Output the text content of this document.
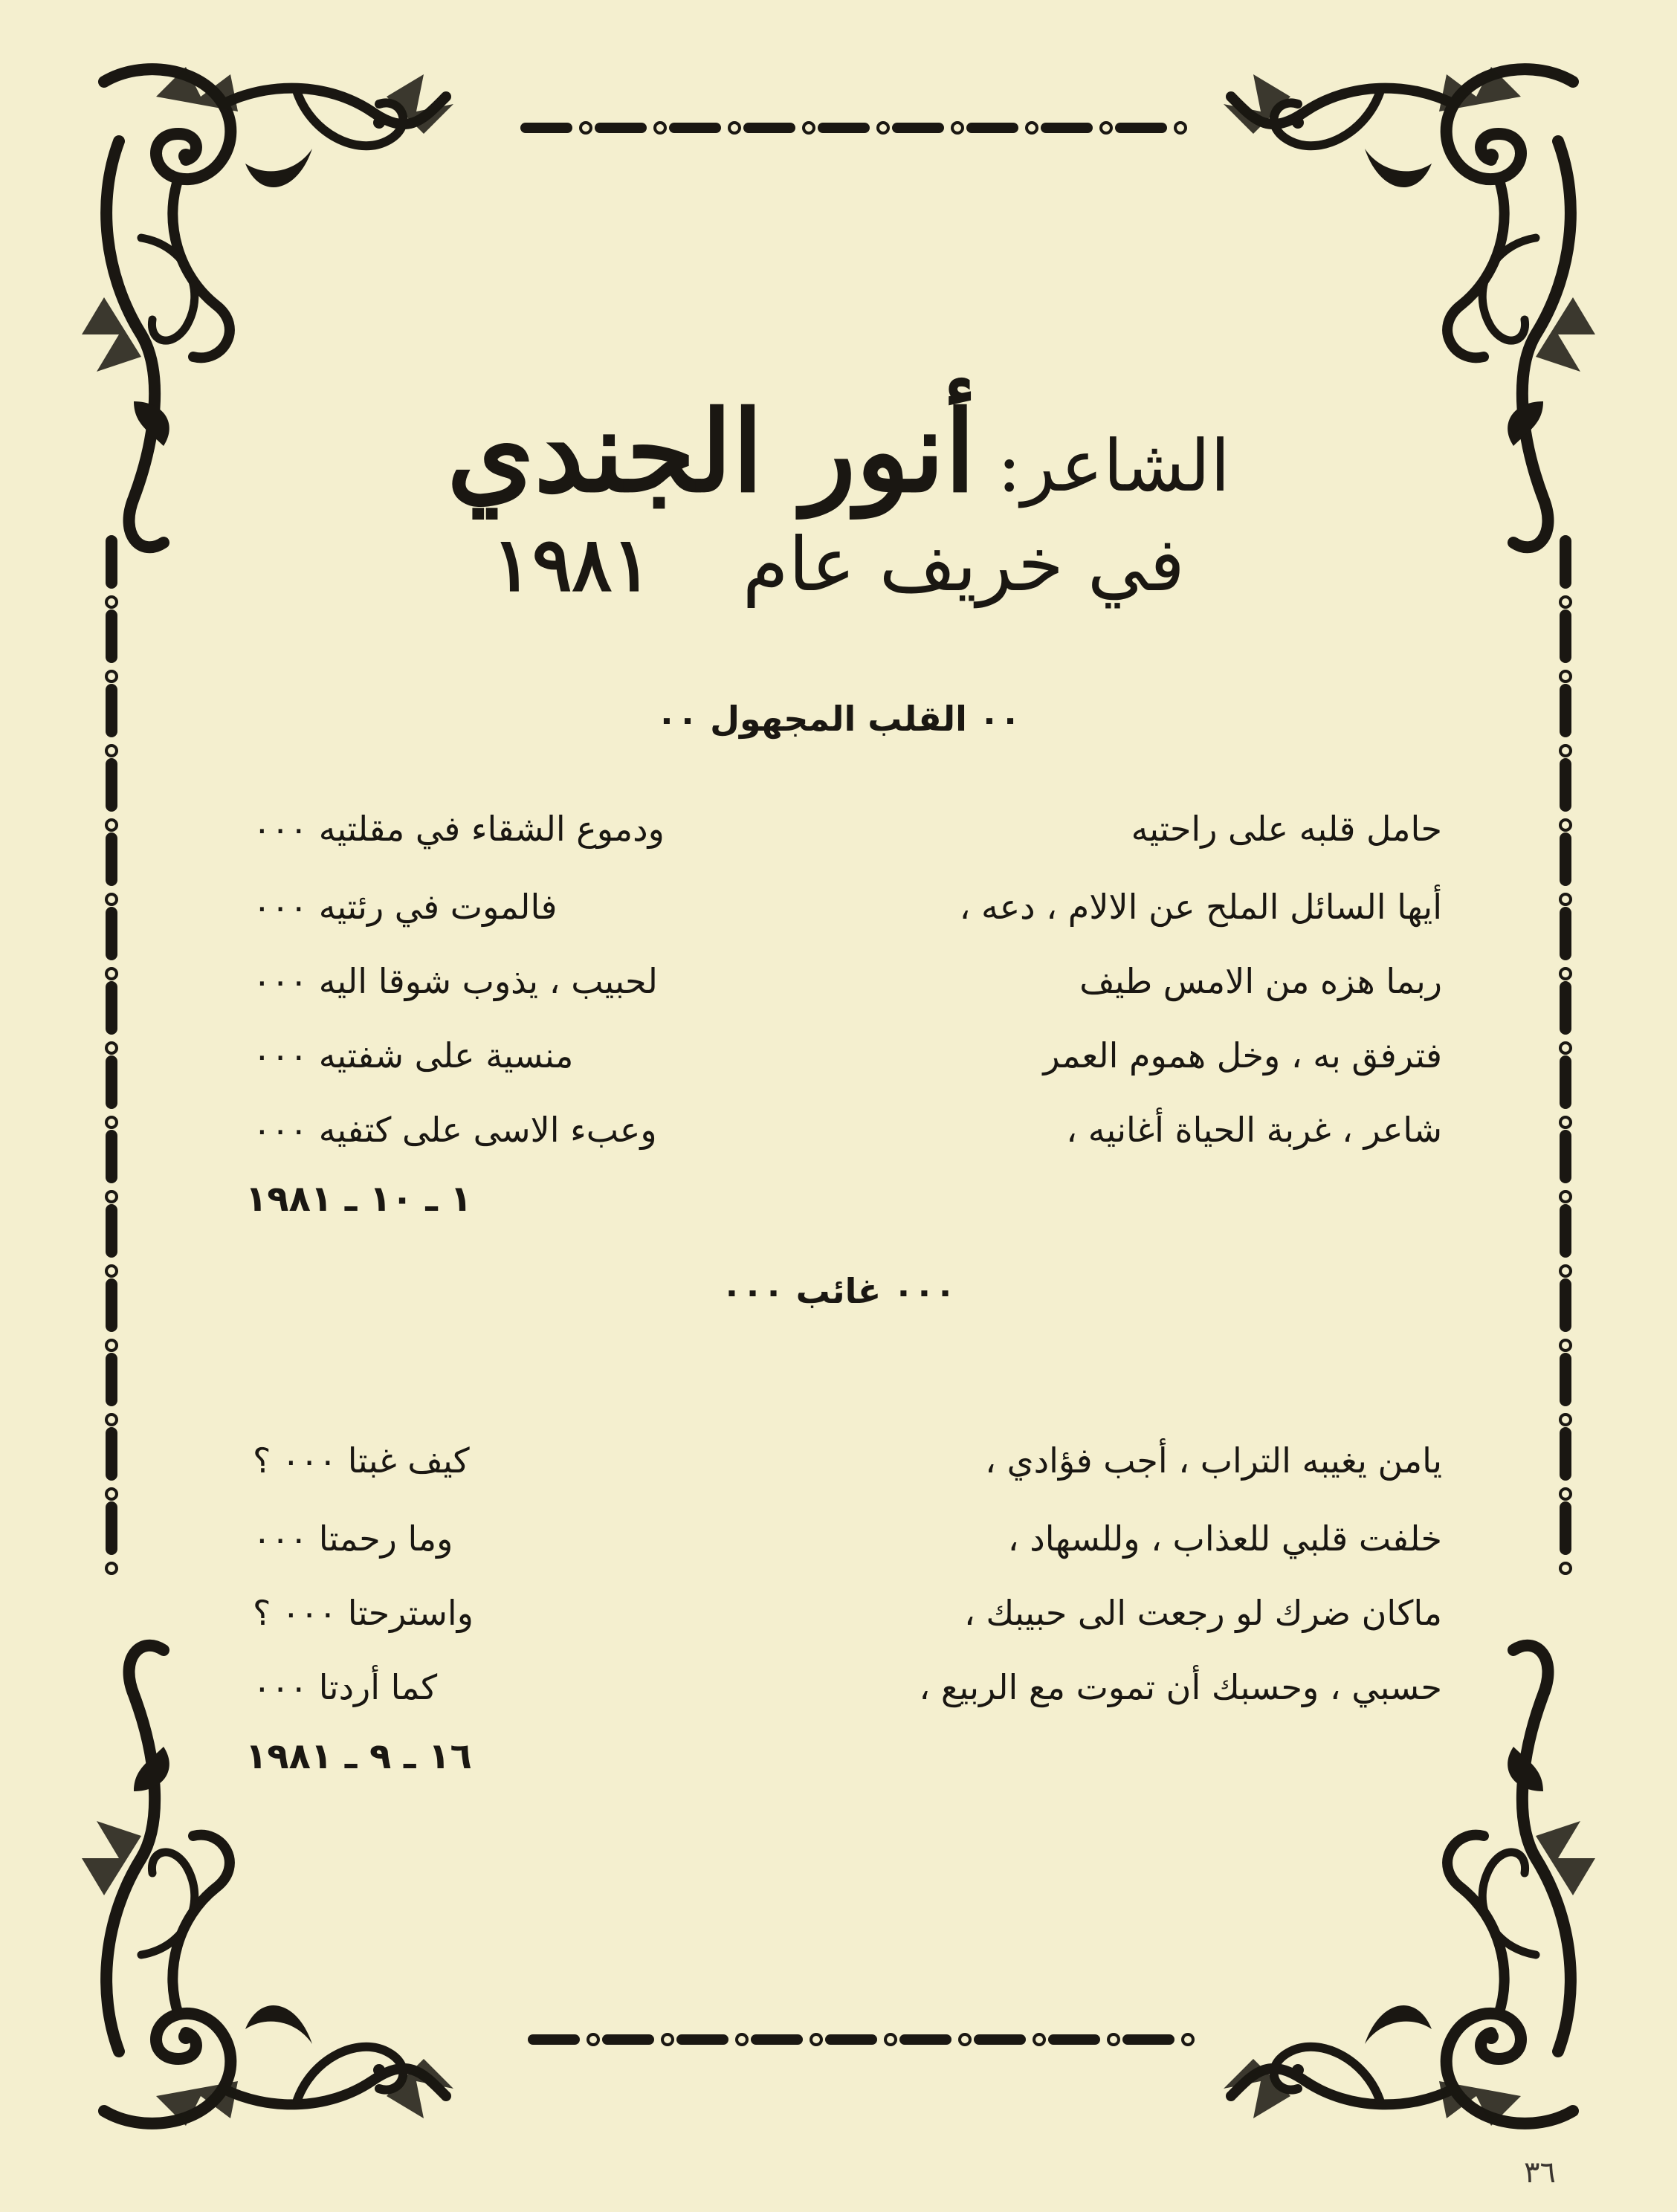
الشاعر: أنور الجندي
في خريف عام ١٩٨١
٠٠ القلب المجهول ٠٠
حامل قلبه على راحتيه
ودموع الشقاء في مقلتيه ٠٠٠
أيها السائل الملح عن الالام ، دعه ،
فالموت في رئتيه ٠٠٠
ربما هزه من الامس طيف
لحبيب ، يذوب شوقا اليه ٠٠٠
فترفق به ، وخل هموم العمر
منسية على شفتيه ٠٠٠
شاعر ، غربة الحياة أغانيه ،
وعبء الاسى على كتفيه ٠٠٠
١ ـ ١٠ ـ ١٩٨١
٠٠٠ غائب ٠٠٠
يامن يغيبه التراب ، أجب فؤادي ،
كيف غبتا ٠٠٠ ؟
خلفت قلبي للعذاب ، وللسهاد ،
وما رحمتا ٠٠٠
ماكان ضرك لو رجعت الى حبيبك ،
واسترحتا ٠٠٠ ؟
حسبي ، وحسبك أن تموت مع الربيع ،
كما أردتا ٠٠٠
١٦ ـ ٩ ـ ١٩٨١
٣٦
